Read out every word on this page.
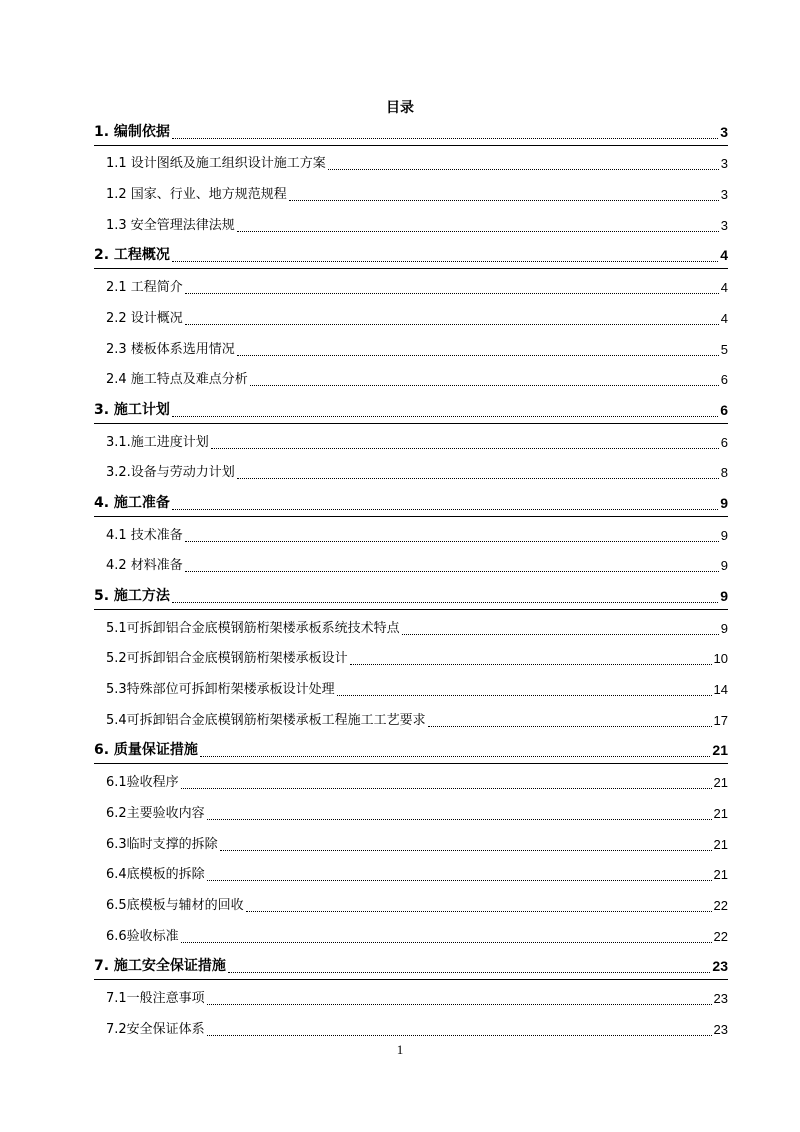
目录
1. 编制依据	3
1.1 设计图纸及施工组织设计施工方案	3
1.2 国家、行业、地方规范规程	3
1.3 安全管理法律法规	3
2. 工程概况	4
2.1 工程简介	4
2.2 设计概况	4
2.3 楼板体系选用情况	5
2.4 施工特点及难点分析	6
3. 施工计划	6
3.1.施工进度计划	6
3.2.设备与劳动力计划	8
4. 施工准备	9
4.1 技术准备	9
4.2 材料准备	9
5. 施工方法	9
5.1可拆卸铝合金底模钢筋桁架楼承板系统技术特点	9
5.2可拆卸铝合金底模钢筋桁架楼承板设计	10
5.3特殊部位可拆卸桁架楼承板设计处理	14
5.4可拆卸铝合金底模钢筋桁架楼承板工程施工工艺要求	17
6. 质量保证措施	21
6.1验收程序	21
6.2主要验收内容	21
6.3临时支撑的拆除	21
6.4底模板的拆除	21
6.5底模板与辅材的回收	22
6.6验收标准	22
7. 施工安全保证措施	23
7.1一般注意事项	23
7.2安全保证体系	23
1
